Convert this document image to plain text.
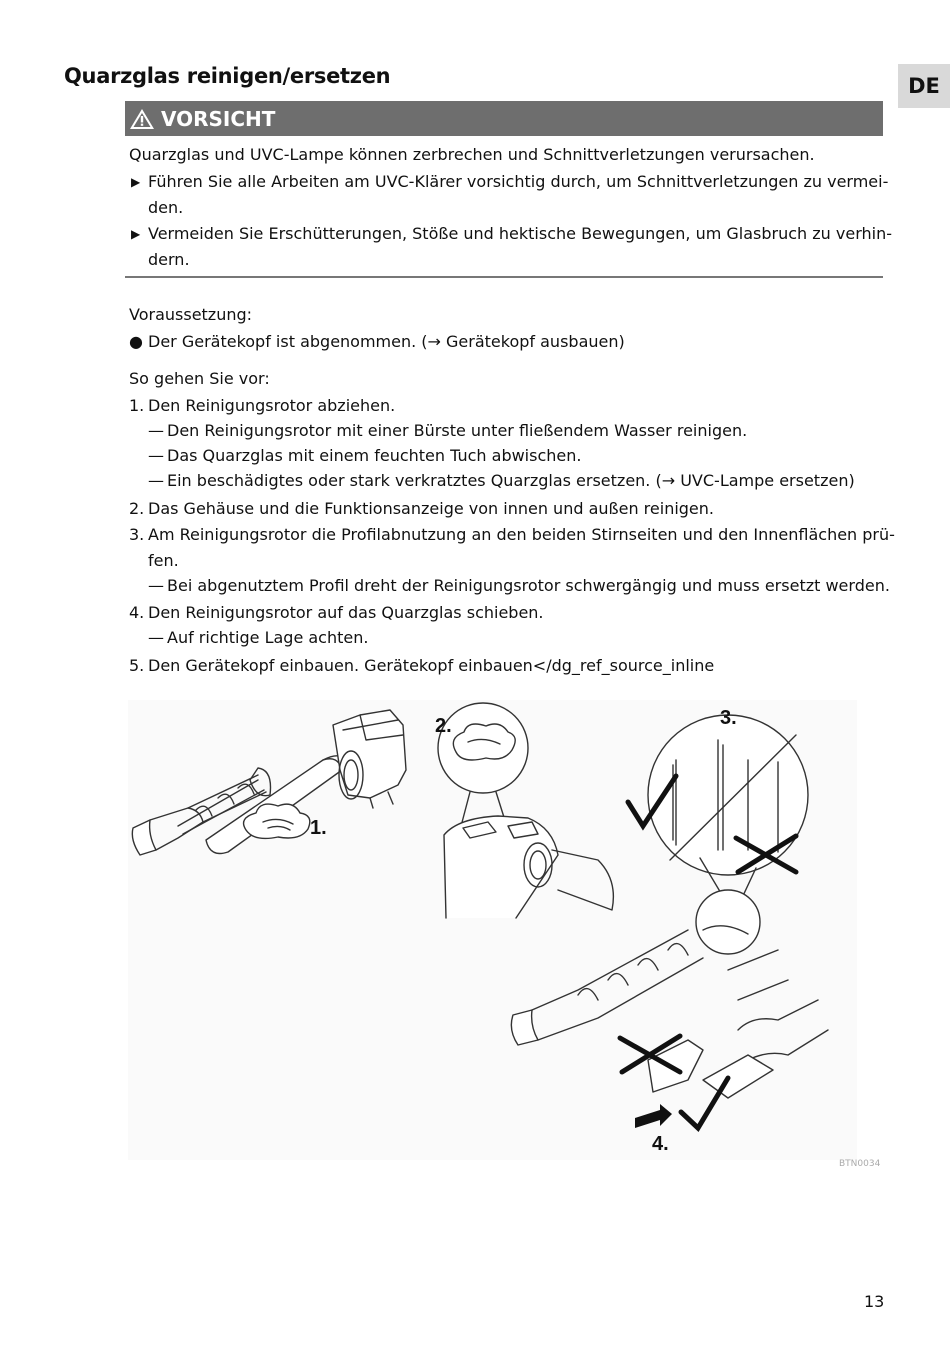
Quarzglas reinigen/ersetzen	DE
VORSICHT
Quarzglas und UVC-Lampe können zerbrechen und Schnittverletzungen verursachen.
▶ Führen Sie alle Arbeiten am UVC-Klärer vorsichtig durch, um Schnittverletzungen zu vermei-
den.
▶ Vermeiden Sie Erschütterungen, Stöße und hektische Bewegungen, um Glasbruch zu verhin-
dern.
Voraussetzung:
● Der Gerätekopf ist abgenommen. (→ Gerätekopf ausbauen)
So gehen Sie vor:
1. Den Reinigungsrotor abziehen.
— Den Reinigungsrotor mit einer Bürste unter fließendem Wasser reinigen.
— Das Quarzglas mit einem feuchten Tuch abwischen.
— Ein beschädigtes oder stark verkratztes Quarzglas ersetzen. (→ UVC-Lampe ersetzen)
2. Das Gehäuse und die Funktionsanzeige von innen und außen reinigen.
3. Am Reinigungsrotor die Profilabnutzung an den beiden Stirnseiten und den Innenflächen prü-
fen.
— Bei abgenutztem Profil dreht der Reinigungsrotor schwergängig und muss ersetzt werden.
4. Den Reinigungsrotor auf das Quarzglas schieben.
— Auf richtige Lage achten.
5. Den Gerätekopf einbauen. Gerätekopf einbauen</dg_ref_source_inline
1.
2.	3.
4.
BTN0034
13
